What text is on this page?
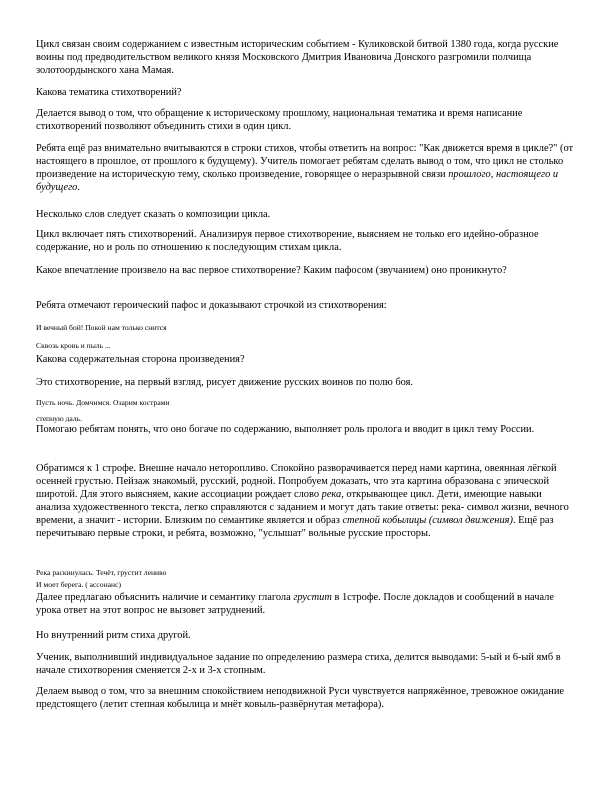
Цикл связан своим содержанием с известным историческим событием - Куликовской битвой 1380 года, когда русские воины под предводительством великого князя Московского Дмитрия Ивановича Донского разгромили полчища золотоордынского хана Мамая.

Какова тематика стихотворений?

Делается вывод о том, что обращение к историческому прошлому, национальная тематика и время написание стихотворений позволяют объединить стихи в один цикл.

Ребята ещё раз внимательно вчитываются в строки стихов, чтобы ответить на вопрос: "Как движется время в цикле?" (от настоящего в прошлое, от прошлого к будущему). Учитель помогает ребятам сделать вывод о том, что цикл не столько произведение на историческую тему, сколько произведение, говорящее о неразрывной связи прошлого, настоящего и будущего.

Несколько слов следует сказать о композиции цикла.

Цикл включает пять стихотворений. Анализируя первое стихотворение, выясняем не только его идейно-образное содержание, но и роль по отношению к последующим стихам цикла.

Какое впечатление произвело на вас первое стихотворение? Каким пафосом (звучанием) оно проникнуто?

Ребята отмечают героический пафос и доказывают строчкой из стихотворения:

И вечный бой! Покой нам только снится

Сквозь кровь и пыль ...

Какова содержательная сторона произведения?

Это стихотворение, на первый взгляд, рисует движение русских воинов по полю боя.

Пусть ночь. Домчимся. Озарим кострами

степную даль.

Помогаю ребятам понять, что оно богаче по содержанию, выполняет роль пролога и вводит в цикл тему России.

Обратимся к 1 строфе. Внешне начало неторопливо. Спокойно разворачивается перед нами картина, овеянная лёгкой осенней грустью. Пейзаж знакомый, русский, родной. Попробуем доказать, что эта картина образована с эпической широтой. Для этого выясняем, какие ассоциации рождает слово река, открывающее цикл. Дети, имеющие навыки анализа художественного текста, легко справляются с заданием и могут дать такие ответы: река- символ жизни, вечного времени, а значит - истории. Близким по семантике является и образ степной кобылицы (символ движения). Ещё раз перечитываю первые строки, и ребята, возможно, "услышат" вольные русские просторы.

Река раскинулась. Течёт, грустит лениво

И моет берега. ( ассонанс)

Далее предлагаю объяснить наличие и семантику глагола грустит в 1строфе. После докладов и сообщений в начале урока ответ на этот вопрос не вызовет затруднений.

Но внутренний ритм стиха другой.

Ученик, выполнивший индивидуальное задание по определению размера стиха, делится выводами: 5-ый и 6-ый ямб в начале стихотворения сменяется 2-х и 3-х стопным.

Делаем вывод о том, что за внешним спокойствием неподвижной Руси чувствуется напряжённое, тревожное ожидание предстоящего (летит степная кобылица и мнёт ковыль-развёрнутая метафора).
